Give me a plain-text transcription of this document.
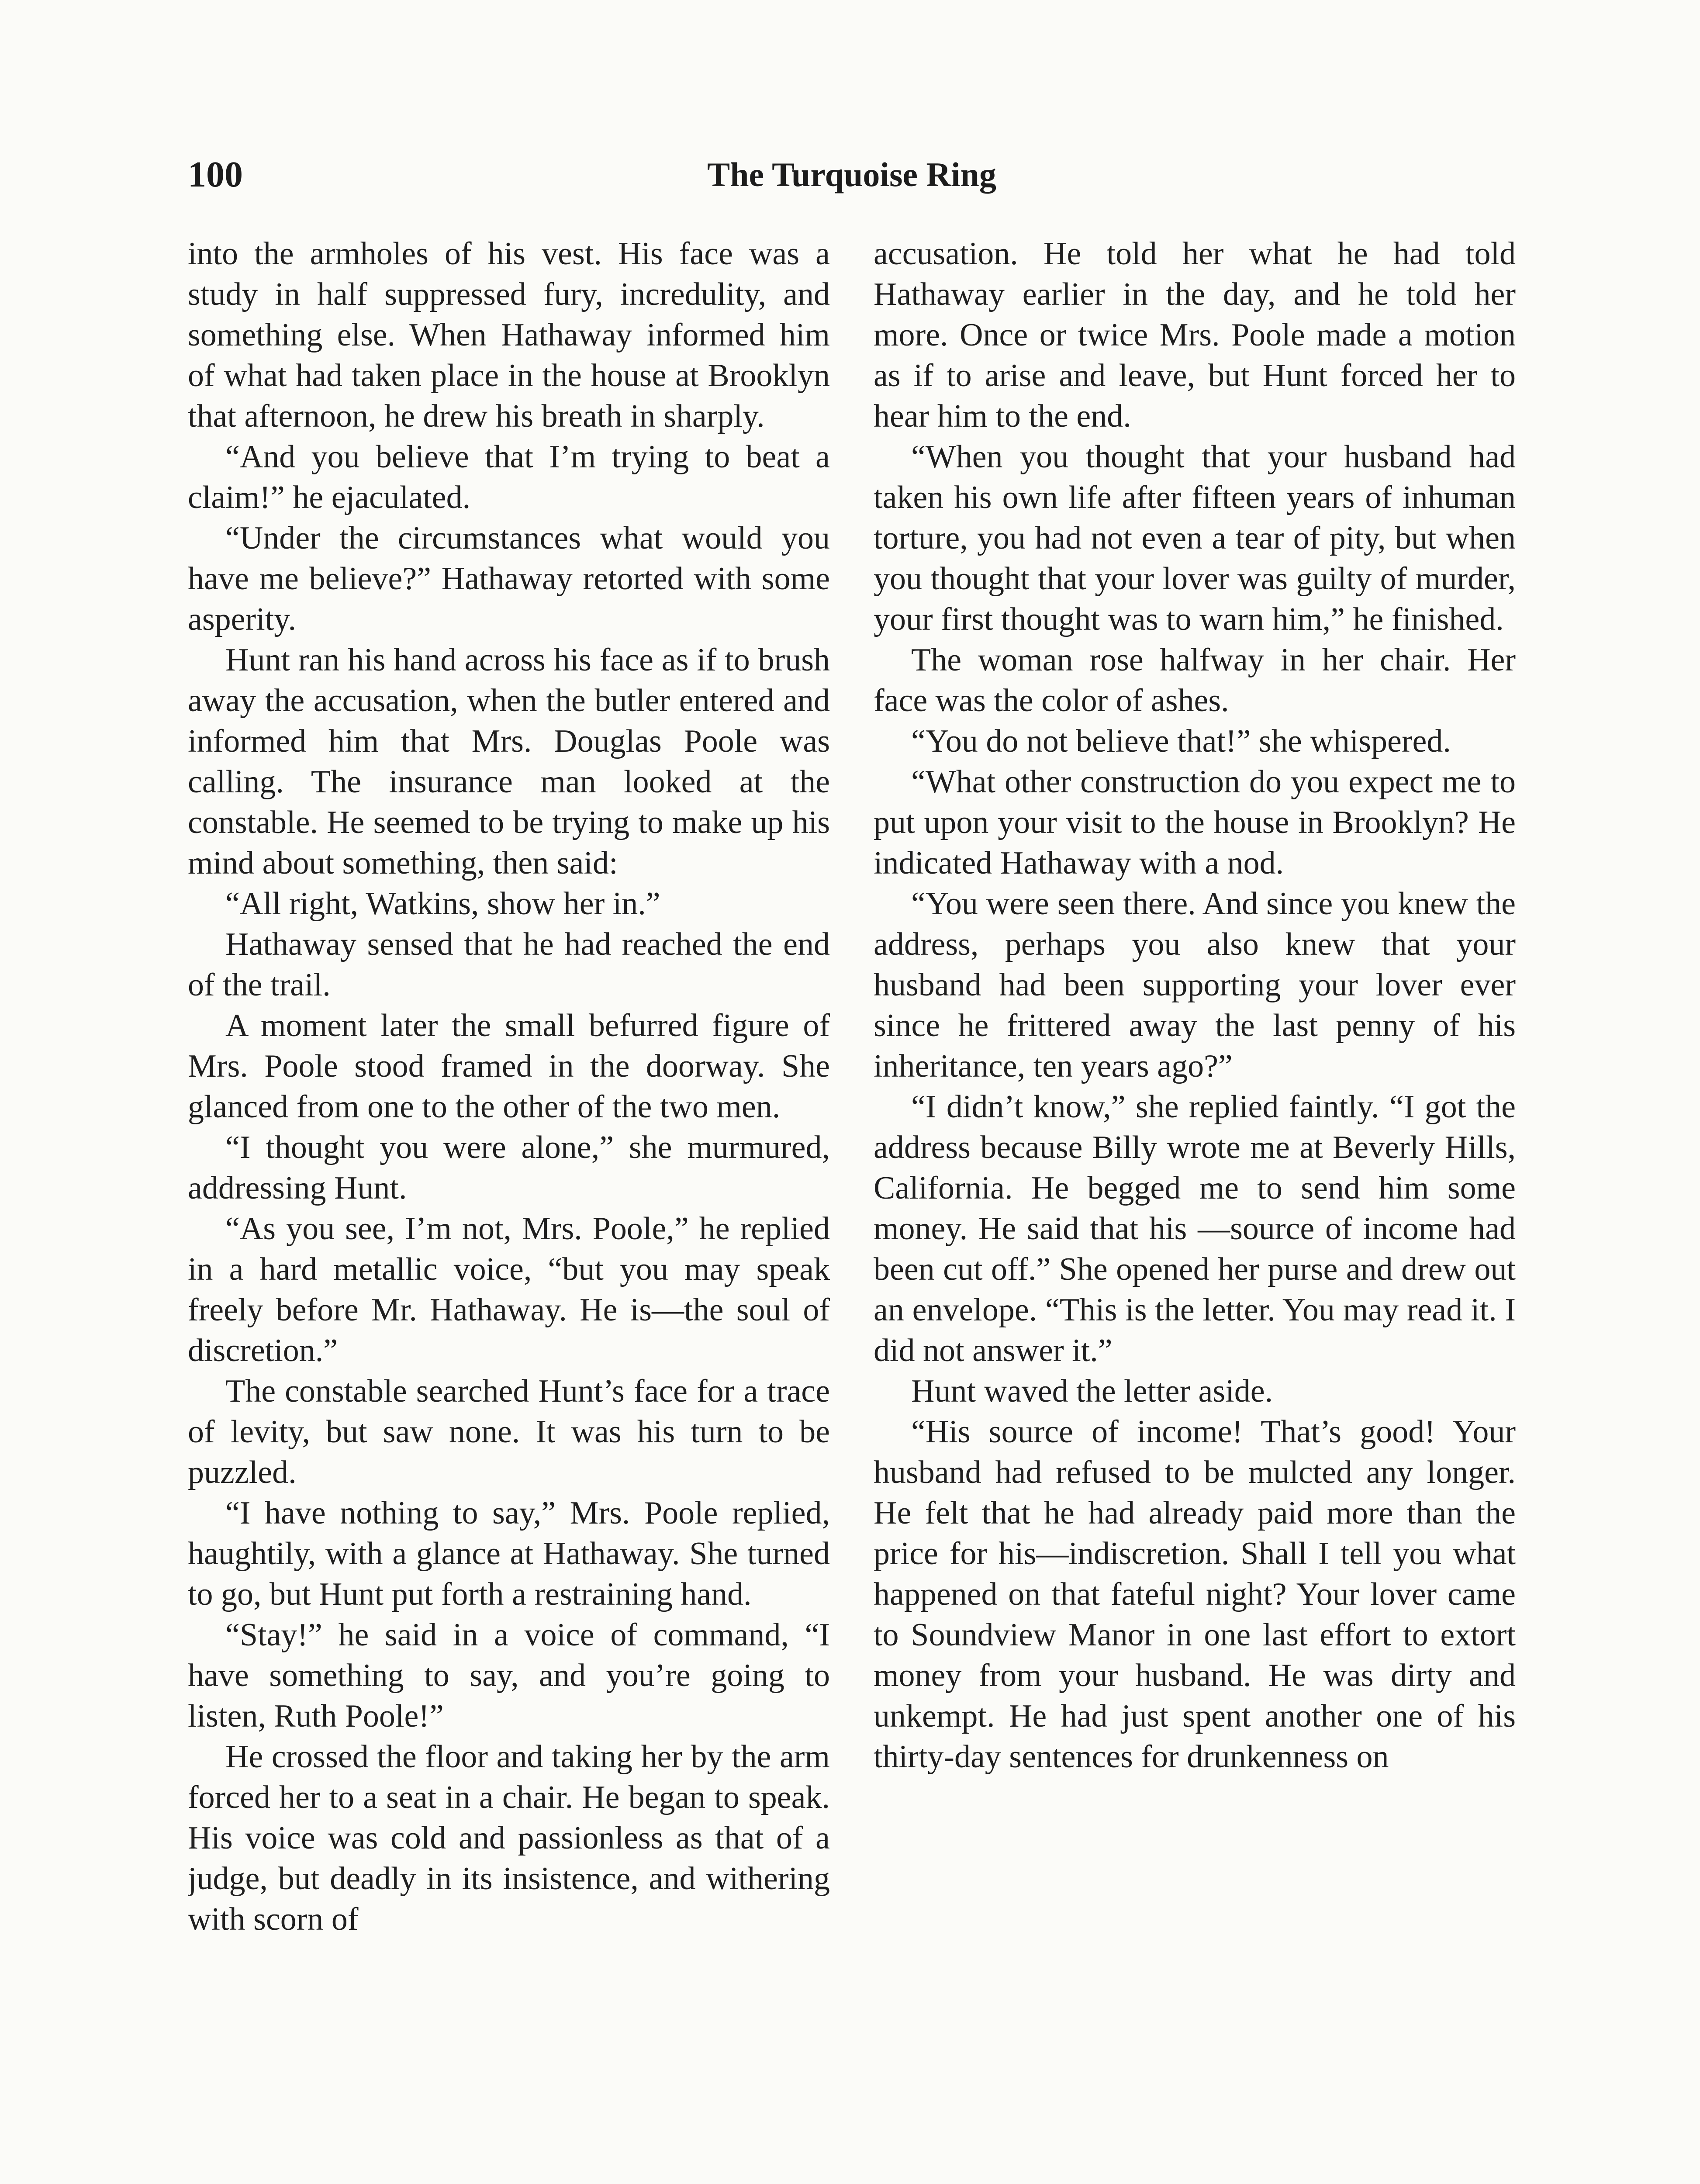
100	The Turquoise Ring

into the armholes of his vest. His face was a study in half suppressed fury, incredulity, and something else. When Hathaway informed him of what had taken place in the house at Brooklyn that afternoon, he drew his breath in sharply.

“And you believe that I’m trying to beat a claim!” he ejaculated.

“Under the circumstances what would you have me believe?” Hathaway retorted with some asperity.

Hunt ran his hand across his face as if to brush away the accusation, when the butler entered and informed him that Mrs. Douglas Poole was calling. The insurance man looked at the constable. He seemed to be trying to make up his mind about something, then said:

“All right, Watkins, show her in.”

Hathaway sensed that he had reached the end of the trail.

A moment later the small befurred figure of Mrs. Poole stood framed in the doorway. She glanced from one to the other of the two men.

“I thought you were alone,” she murmured, addressing Hunt.

“As you see, I’m not, Mrs. Poole,” he replied in a hard metallic voice, “but you may speak freely before Mr. Hathaway. He is—the soul of discretion.”

The constable searched Hunt’s face for a trace of levity, but saw none. It was his turn to be puzzled.

“I have nothing to say,” Mrs. Poole replied, haughtily, with a glance at Hathaway. She turned to go, but Hunt put forth a restraining hand.

“Stay!” he said in a voice of command, “I have something to say, and you’re going to listen, Ruth Poole!”

He crossed the floor and taking her by the arm forced her to a seat in a chair. He began to speak. His voice was cold and passionless as that of a judge, but deadly in its insistence, and withering with scorn of

accusation. He told her what he had told Hathaway earlier in the day, and he told her more. Once or twice Mrs. Poole made a motion as if to arise and leave, but Hunt forced her to hear him to the end.

“When you thought that your husband had taken his own life after fifteen years of inhuman torture, you had not even a tear of pity, but when you thought that your lover was guilty of murder, your first thought was to warn him,” he finished.

The woman rose halfway in her chair. Her face was the color of ashes.

“You do not believe that!” she whispered.

“What other construction do you expect me to put upon your visit to the house in Brooklyn? He indicated Hathaway with a nod.

“You were seen there. And since you knew the address, perhaps you also knew that your husband had been supporting your lover ever since he frittered away the last penny of his inheritance, ten years ago?”

“I didn’t know,” she replied faintly. “I got the address because Billy wrote me at Beverly Hills, California. He begged me to send him some money. He said that his —source of income had been cut off.” She opened her purse and drew out an envelope. “This is the letter. You may read it. I did not answer it.”

Hunt waved the letter aside.

“His source of income! That’s good! Your husband had refused to be mulcted any longer. He felt that he had already paid more than the price for his—indiscretion. Shall I tell you what happened on that fateful night? Your lover came to Soundview Manor in one last effort to extort money from your husband. He was dirty and unkempt. He had just spent another one of his thirty-day sentences for drunkenness on
